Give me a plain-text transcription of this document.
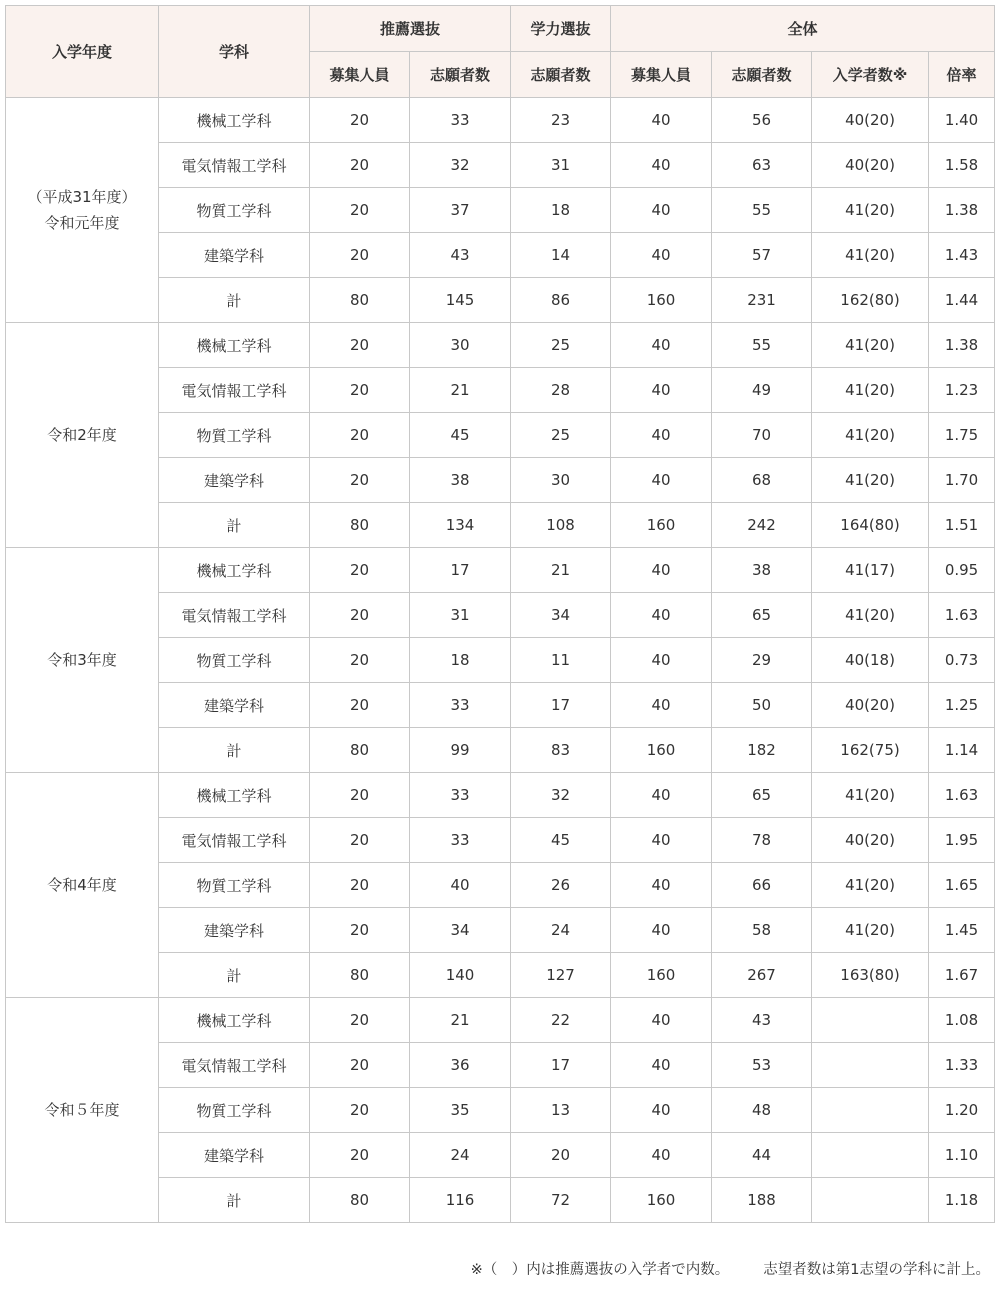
入学年度	学科	推薦選抜		学力選抜	全体			
		募集人員	志願者数	志願者数	募集人員	志願者数	入学者数※	倍率

（平成31年度）
令和元年度	機械工学科	20	33	23	40	56	40(20)	1.40
	電気情報工学科	20	32	31	40	63	40(20)	1.58
	物質工学科	20	37	18	40	55	41(20)	1.38
	建築学科	20	43	14	40	57	41(20)	1.43
	計	80	145	86	160	231	162(80)	1.44

令和2年度	機械工学科	20	30	25	40	55	41(20)	1.38
	電気情報工学科	20	21	28	40	49	41(20)	1.23
	物質工学科	20	45	25	40	70	41(20)	1.75
	建築学科	20	38	30	40	68	41(20)	1.70
	計	80	134	108	160	242	164(80)	1.51

令和3年度	機械工学科	20	17	21	40	38	41(17)	0.95
	電気情報工学科	20	31	34	40	65	41(20)	1.63
	物質工学科	20	18	11	40	29	40(18)	0.73
	建築学科	20	33	17	40	50	40(20)	1.25
	計	80	99	83	160	182	162(75)	1.14

令和4年度	機械工学科	20	33	32	40	65	41(20)	1.63
	電気情報工学科	20	33	45	40	78	40(20)	1.95
	物質工学科	20	40	26	40	66	41(20)	1.65
	建築学科	20	34	24	40	58	41(20)	1.45
	計	80	140	127	160	267	163(80)	1.67

令和５年度	機械工学科	20	21	22	40	43		1.08
	電気情報工学科	20	36	17	40	53		1.33
	物質工学科	20	35	13	40	48		1.20
	建築学科	20	24	20	40	44		1.10
	計	80	116	72	160	188		1.18
※（　）内は推薦選抜の入学者で内数。 志望者数は第1志望の学科に計上。
